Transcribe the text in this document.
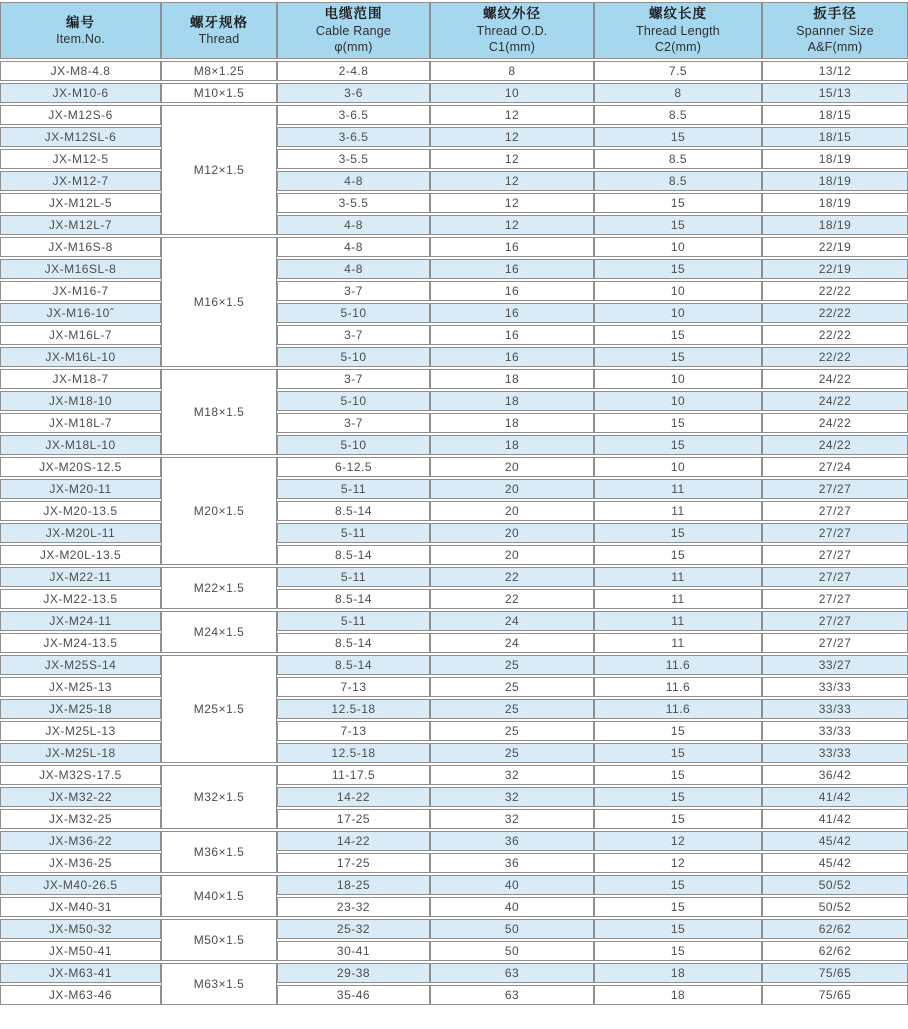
编号
Item.No.

螺牙规格
Thread

电缆范围
Cable Range
φ(mm)

螺纹外径
Thread O.D.
C1(mm)

螺纹长度
Thread Length
C2(mm)

扳手径
Spanner Size
A&F(mm)

JX-M8-4.8	M8×1.25	2-4.8	8	7.5	13/12
JX-M10-6	M10×1.5	3-6	10	8	15/13
JX-M12S-6	M12×1.5	3-6.5	12	8.5	18/15
JX-M12SL-6		3-6.5	12	15	18/15
JX-M12-5		3-5.5	12	8.5	18/19
JX-M12-7		4-8	12	8.5	18/19
JX-M12L-5		3-5.5	12	15	18/19
JX-M12L-7		4-8	12	15	18/19
JX-M16S-8	M16×1.5	4-8	16	10	22/19
JX-M16SL-8		4-8	16	15	22/19
JX-M16-7		3-7	16	10	22/22
JX-M16-10ˆ		5-10	16	10	22/22
JX-M16L-7		3-7	16	15	22/22
JX-M16L-10		5-10	16	15	22/22
JX-M18-7	M18×1.5	3-7	18	10	24/22
JX-M18-10		5-10	18	10	24/22
JX-M18L-7		3-7	18	15	24/22
JX-M18L-10		5-10	18	15	24/22
JX-M20S-12.5	M20×1.5	6-12.5	20	10	27/24
JX-M20-11		5-11	20	11	27/27
JX-M20-13.5		8.5-14	20	11	27/27
JX-M20L-11		5-11	20	15	27/27
JX-M20L-13.5		8.5-14	20	15	27/27
JX-M22-11	M22×1.5	5-11	22	11	27/27
JX-M22-13.5		8.5-14	22	11	27/27
JX-M24-11	M24×1.5	5-11	24	11	27/27
JX-M24-13.5		8.5-14	24	11	27/27
JX-M25S-14	M25×1.5	8.5-14	25	11.6	33/27
JX-M25-13		7-13	25	11.6	33/33
JX-M25-18		12.5-18	25	11.6	33/33
JX-M25L-13		7-13	25	15	33/33
JX-M25L-18		12.5-18	25	15	33/33
JX-M32S-17.5	M32×1.5	11-17.5	32	15	36/42
JX-M32-22		14-22	32	15	41/42
JX-M32-25		17-25	32	15	41/42
JX-M36-22	M36×1.5	14-22	36	12	45/42
JX-M36-25		17-25	36	12	45/42
JX-M40-26.5	M40×1.5	18-25	40	15	50/52
JX-M40-31		23-32	40	15	50/52
JX-M50-32	M50×1.5	25-32	50	15	62/62
JX-M50-41		30-41	50	15	62/62
JX-M63-41	M63×1.5	29-38	63	18	75/65
JX-M63-46		35-46	63	18	75/65
